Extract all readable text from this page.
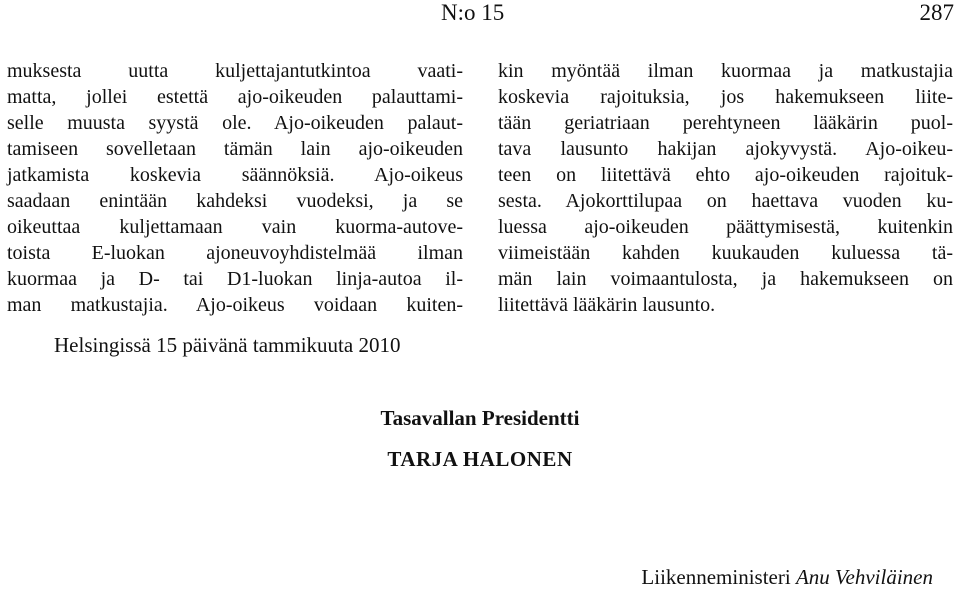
N:o 15	287
muksesta uutta kuljettajantutkintoa vaati-
matta, jollei estettä ajo-oikeuden palauttami-
selle muusta syystä ole. Ajo-oikeuden palaut-
tamiseen sovelletaan tämän lain ajo-oikeuden
jatkamista koskevia säännöksiä. Ajo-oikeus
saadaan enintään kahdeksi vuodeksi, ja se
oikeuttaa kuljettamaan vain kuorma-autove-
toista E-luokan ajoneuvoyhdistelmää ilman
kuormaa ja D- tai D1-luokan linja-autoa il-
man matkustajia. Ajo-oikeus voidaan kuiten-
kin myöntää ilman kuormaa ja matkustajia
koskevia rajoituksia, jos hakemukseen liite-
tään geriatriaan perehtyneen lääkärin puol-
tava lausunto hakijan ajokyvystä. Ajo-oikeu-
teen on liitettävä ehto ajo-oikeuden rajoituk-
sesta. Ajokorttilupaa on haettava vuoden ku-
luessa ajo-oikeuden päättymisestä, kuitenkin
viimeistään kahden kuukauden kuluessa tä-
män lain voimaantulosta, ja hakemukseen on
liitettävä lääkärin lausunto.
Helsingissä 15 päivänä tammikuuta 2010
Tasavallan Presidentti
TARJA HALONEN
Liikenneministeri Anu Vehviläinen
